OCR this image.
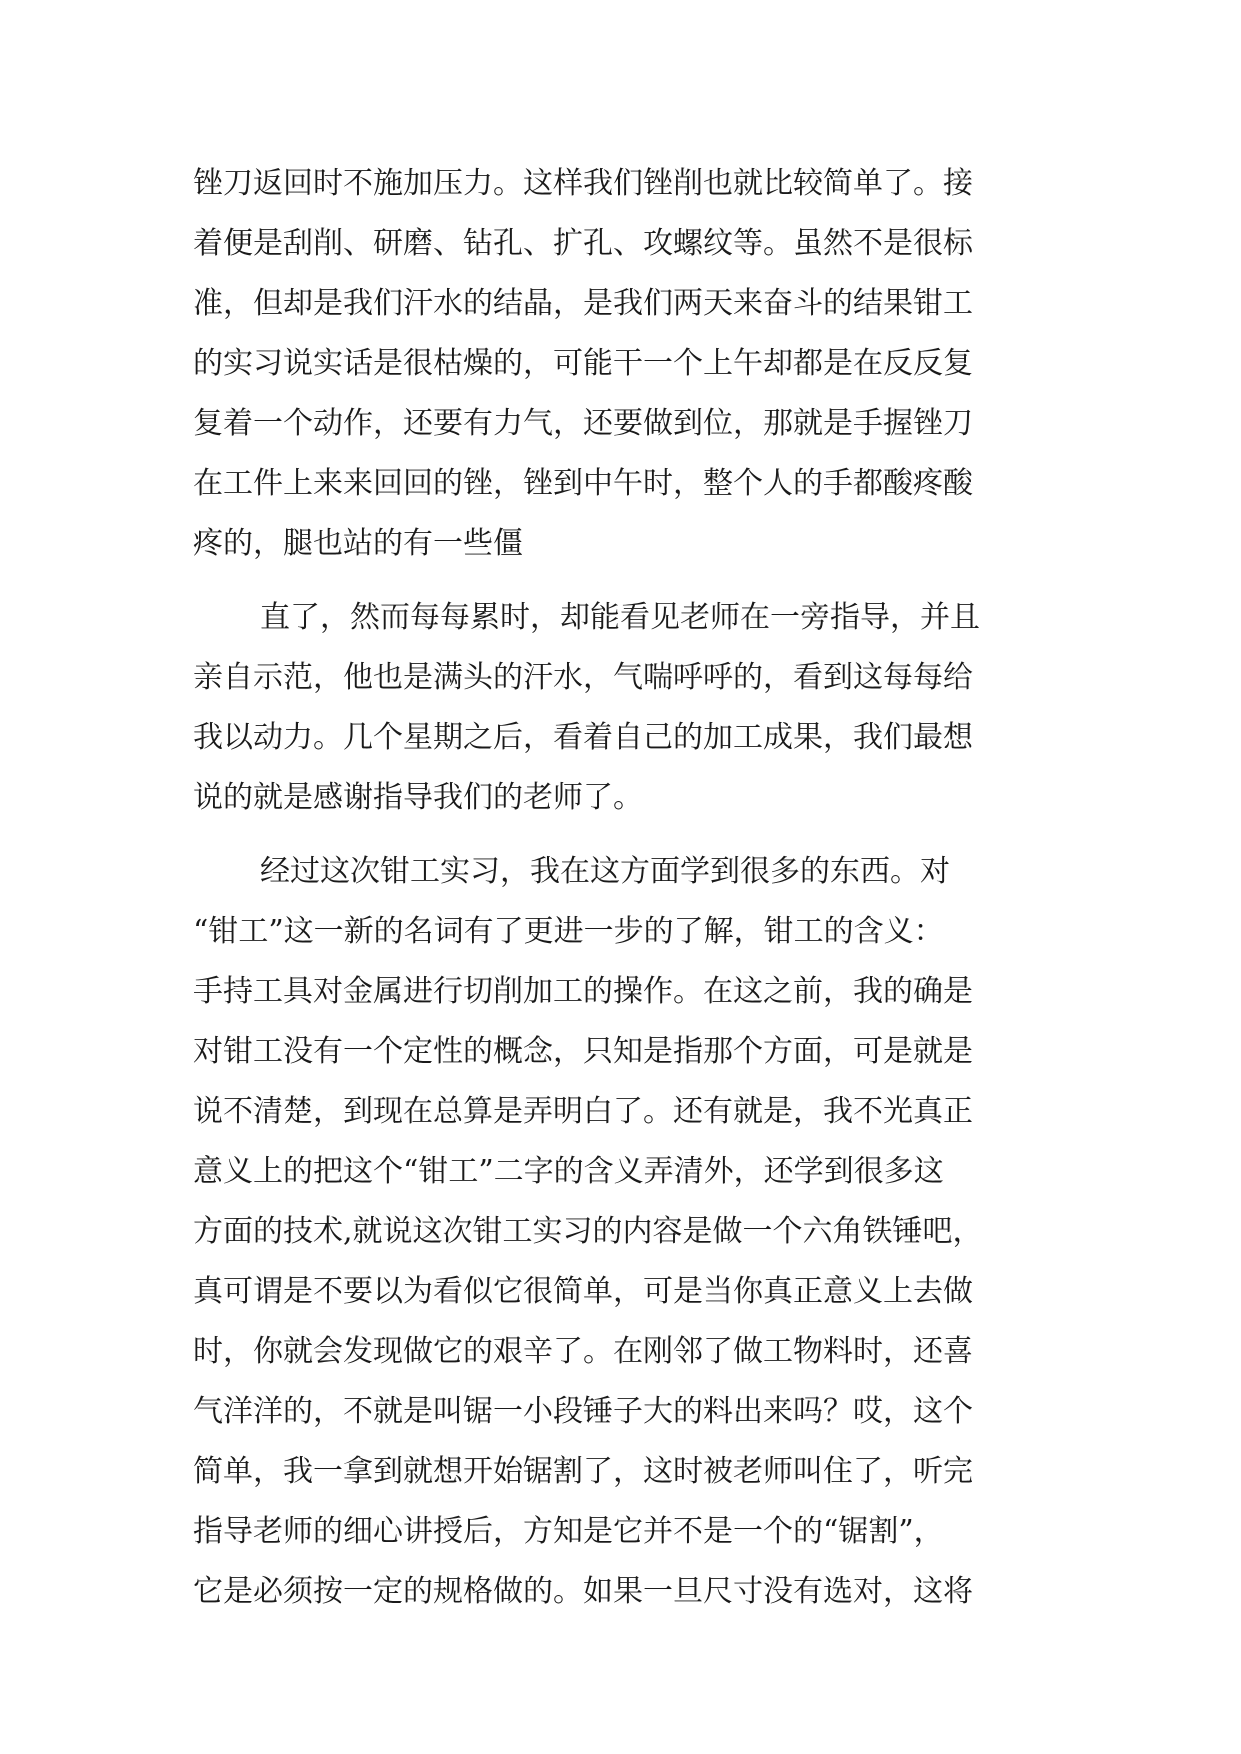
锉刀返回时不施加压力。这样我们锉削也就比较简单了。接
着便是刮削、研磨、钻孔、扩孔、攻螺纹等。虽然不是很标
准，但却是我们汗水的结晶，是我们两天来奋斗的结果钳工
的实习说实话是很枯燥的，可能干一个上午却都是在反反复
复着一个动作，还要有力气，还要做到位，那就是手握锉刀
在工件上来来回回的锉，锉到中午时，整个人的手都酸疼酸
疼的，腿也站的有一些僵
直了，然而每每累时，却能看见老师在一旁指导，并且
亲自示范，他也是满头的汗水，气喘呼呼的，看到这每每给
我以动力。几个星期之后，看着自己的加工成果，我们最想
说的就是感谢指导我们的老师了。
经过这次钳工实习，我在这方面学到很多的东西。对
“钳工”这一新的名词有了更进一步的了解，钳工的含义：
手持工具对金属进行切削加工的操作。在这之前，我的确是
对钳工没有一个定性的概念，只知是指那个方面，可是就是
说不清楚，到现在总算是弄明白了。还有就是，我不光真正
意义上的把这个“钳工”二字的含义弄清外，还学到很多这
方面的技术,就说这次钳工实习的内容是做一个六角铁锤吧，
真可谓是不要以为看似它很简单，可是当你真正意义上去做
时，你就会发现做它的艰辛了。在刚邻了做工物料时，还喜
气洋洋的，不就是叫锯一小段锤子大的料出来吗？哎，这个
简单，我一拿到就想开始锯割了，这时被老师叫住了，听完
指导老师的细心讲授后，方知是它并不是一个的“锯割”，
它是必须按一定的规格做的。如果一旦尺寸没有选对，这将
